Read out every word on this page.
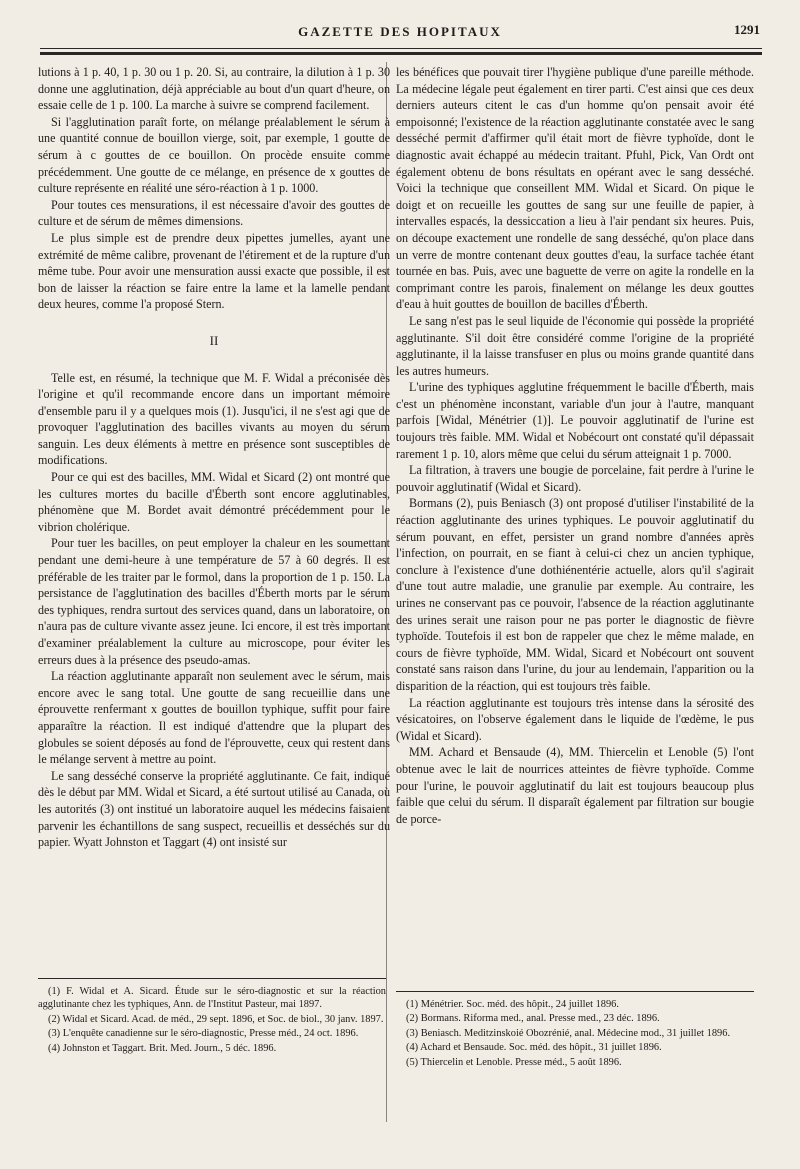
GAZETTE DES HOPITAUX	1291

lutions à 1 p. 40, 1 p. 30 ou 1 p. 20. Si, au contraire, la dilution à 1 p. 30 donne une agglutination, déjà appréciable au bout d'un quart d'heure, on essaie celle de 1 p. 100. La marche à suivre se comprend facilement.

Si l'agglutination paraît forte, on mélange préalablement le sérum à une quantité connue de bouillon vierge, soit, par exemple, 1 goutte de sérum à c gouttes de ce bouillon. On procède ensuite comme précédemment. Une goutte de ce mélange, en présence de x gouttes de culture représente en réalité une séro-réaction à 1 p. 1000.

Pour toutes ces mensurations, il est nécessaire d'avoir des gouttes de culture et de sérum de mêmes dimensions.

Le plus simple est de prendre deux pipettes jumelles, ayant une extrémité de même calibre, provenant de l'étirement et de la rupture d'un même tube. Pour avoir une mensuration aussi exacte que possible, il est bon de laisser la réaction se faire entre la lame et la lamelle pendant deux heures, comme l'a proposé Stern.

II

Telle est, en résumé, la technique que M. F. Widal a préconisée dès l'origine et qu'il recommande encore dans un important mémoire d'ensemble paru il y a quelques mois (1). Jusqu'ici, il ne s'est agi que de provoquer l'agglutination des bacilles vivants au moyen du sérum sanguin. Les deux éléments à mettre en présence sont susceptibles de modifications.

Pour ce qui est des bacilles, MM. Widal et Sicard (2) ont montré que les cultures mortes du bacille d'Éberth sont encore agglutinables, phénomène que M. Bordet avait démontré précédemment pour le vibrion cholérique.

Pour tuer les bacilles, on peut employer la chaleur en les soumettant pendant une demi-heure à une température de 57 à 60 degrés. Il est préférable de les traiter par le formol, dans la proportion de 1 p. 150. La persistance de l'agglutination des bacilles d'Éberth morts par le sérum des typhiques, rendra surtout des services quand, dans un laboratoire, on n'aura pas de culture vivante assez jeune. Ici encore, il est très important d'examiner préalablement la culture au microscope, pour éviter les erreurs dues à la présence des pseudo-amas.

La réaction agglutinante apparaît non seulement avec le sérum, mais encore avec le sang total. Une goutte de sang recueillie dans une éprouvette renfermant x gouttes de bouillon typhique, suffit pour faire apparaître la réaction. Il est indiqué d'attendre que la plupart des globules se soient déposés au fond de l'éprouvette, ceux qui restent dans le mélange servent à mettre au point.

Le sang desséché conserve la propriété agglutinante. Ce fait, indiqué dès le début par MM. Widal et Sicard, a été surtout utilisé au Canada, où les autorités (3) ont institué un laboratoire auquel les médecins faisaient parvenir les échantillons de sang suspect, recueillis et desséchés sur du papier. Wyatt Johnston et Taggart (4) ont insisté sur

les bénéfices que pouvait tirer l'hygiène publique d'une pareille méthode. La médecine légale peut également en tirer parti. C'est ainsi que ces deux derniers auteurs citent le cas d'un homme qu'on pensait avoir été empoisonné; l'existence de la réaction agglutinante constatée avec le sang desséché permit d'affirmer qu'il était mort de fièvre typhoïde, dont le diagnostic avait échappé au médecin traitant. Pfuhl, Pick, Van Ordt ont également obtenu de bons résultats en opérant avec le sang desséché. Voici la technique que conseillent MM. Widal et Sicard. On pique le doigt et on recueille les gouttes de sang sur une feuille de papier, à intervalles espacés, la dessiccation a lieu à l'air pendant six heures. Puis, on découpe exactement une rondelle de sang desséché, qu'on place dans un verre de montre contenant deux gouttes d'eau, la surface tachée étant tournée en bas. Puis, avec une baguette de verre on agite la rondelle en la comprimant contre les parois, finalement on mélange les deux gouttes d'eau à huit gouttes de bouillon de bacilles d'Éberth.

Le sang n'est pas le seul liquide de l'économie qui possède la propriété agglutinante. S'il doit être considéré comme l'origine de la propriété agglutinante, il la laisse transfuser en plus ou moins grande quantité dans les autres humeurs.

L'urine des typhiques agglutine fréquemment le bacille d'Éberth, mais c'est un phénomène inconstant, variable d'un jour à l'autre, manquant parfois [Widal, Ménétrier (1)]. Le pouvoir agglutinatif de l'urine est toujours très faible. MM. Widal et Nobécourt ont constaté qu'il dépassait rarement 1 p. 10, alors même que celui du sérum atteignait 1 p. 7000.

La filtration, à travers une bougie de porcelaine, fait perdre à l'urine le pouvoir agglutinatif (Widal et Sicard).

Bormans (2), puis Beniasch (3) ont proposé d'utiliser l'instabilité de la réaction agglutinante des urines typhiques. Le pouvoir agglutinatif du sérum pouvant, en effet, persister un grand nombre d'années après l'infection, on pourrait, en se fiant à celui-ci chez un ancien typhique, conclure à l'existence d'une dothiénentérie actuelle, alors qu'il s'agirait d'une tout autre maladie, une granulie par exemple. Au contraire, les urines ne conservant pas ce pouvoir, l'absence de la réaction agglutinante des urines serait une raison pour ne pas porter le diagnostic de fièvre typhoïde. Toutefois il est bon de rappeler que chez le même malade, en cours de fièvre typhoïde, MM. Widal, Sicard et Nobécourt ont souvent constaté sans raison dans l'urine, du jour au lendemain, l'apparition ou la disparition de la réaction, qui est toujours très faible.

La réaction agglutinante est toujours très intense dans la sérosité des vésicatoires, on l'observe également dans le liquide de l'œdème, le pus (Widal et Sicard).

MM. Achard et Bensaude (4), MM. Thiercelin et Lenoble (5) l'ont obtenue avec le lait de nourrices atteintes de fièvre typhoïde. Comme pour l'urine, le pouvoir agglutinatif du lait est toujours beaucoup plus faible que celui du sérum. Il disparaît également par filtration sur bougie de porce-

(1) F. Widal et A. Sicard. Étude sur le séro-diagnostic et sur la réaction agglutinante chez les typhiques, Ann. de l'Institut Pasteur, mai 1897.

(2) Widal et Sicard. Acad. de méd., 29 sept. 1896, et Soc. de biol., 30 janv. 1897.

(3) L'enquête canadienne sur le séro-diagnostic, Presse méd., 24 oct. 1896.

(4) Johnston et Taggart. Brit. Med. Journ., 5 déc. 1896.

(1) Ménétrier. Soc. méd. des hôpit., 24 juillet 1896.

(2) Bormans. Riforma med., anal. Presse med., 23 déc. 1896.

(3) Beniasch. Meditzinskoié Obozrénié, anal. Médecine mod., 31 juillet 1896.

(4) Achard et Bensaude. Soc. méd. des hôpit., 31 juillet 1896.

(5) Thiercelin et Lenoble. Presse méd., 5 août 1896.
